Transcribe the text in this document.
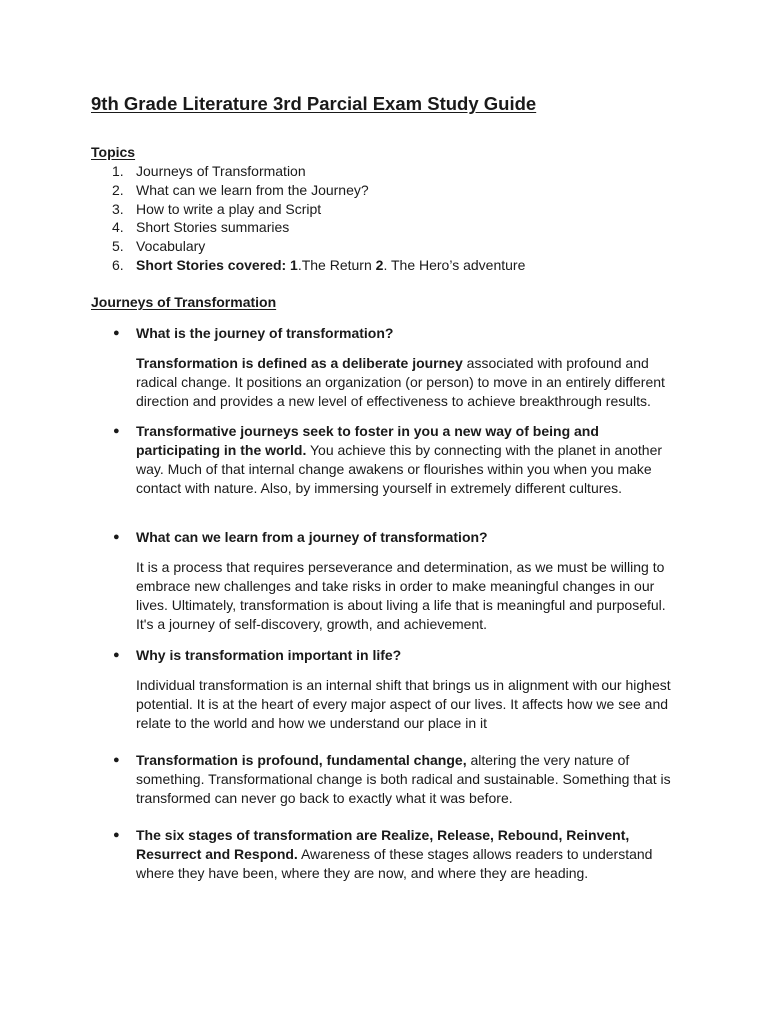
9th Grade Literature 3rd Parcial Exam Study Guide
Topics
1. Journeys of Transformation
2. What can we learn from the Journey?
3. How to write a play and Script
4. Short Stories summaries
5. Vocabulary
6. Short Stories covered: 1.The Return 2. The Hero’s adventure
Journeys of Transformation
● What is the journey of transformation?

Transformation is defined as a deliberate journey associated with profound and radical change. It positions an organization (or person) to move in an entirely different direction and provides a new level of effectiveness to achieve breakthrough results.

● Transformative journeys seek to foster in you a new way of being and participating in the world. You achieve this by connecting with the planet in another way. Much of that internal change awakens or flourishes within you when you make contact with nature. Also, by immersing yourself in extremely different cultures.

● What can we learn from a journey of transformation?

It is a process that requires perseverance and determination, as we must be willing to embrace new challenges and take risks in order to make meaningful changes in our lives. Ultimately, transformation is about living a life that is meaningful and purposeful. It's a journey of self-discovery, growth, and achievement.

● Why is transformation important in life?

Individual transformation is an internal shift that brings us in alignment with our highest potential. It is at the heart of every major aspect of our lives. It affects how we see and relate to the world and how we understand our place in it

● Transformation is profound, fundamental change, altering the very nature of something. Transformational change is both radical and sustainable. Something that is transformed can never go back to exactly what it was before.

● The six stages of transformation are Realize, Release, Rebound, Reinvent, Resurrect and Respond. Awareness of these stages allows readers to understand where they have been, where they are now, and where they are heading.
